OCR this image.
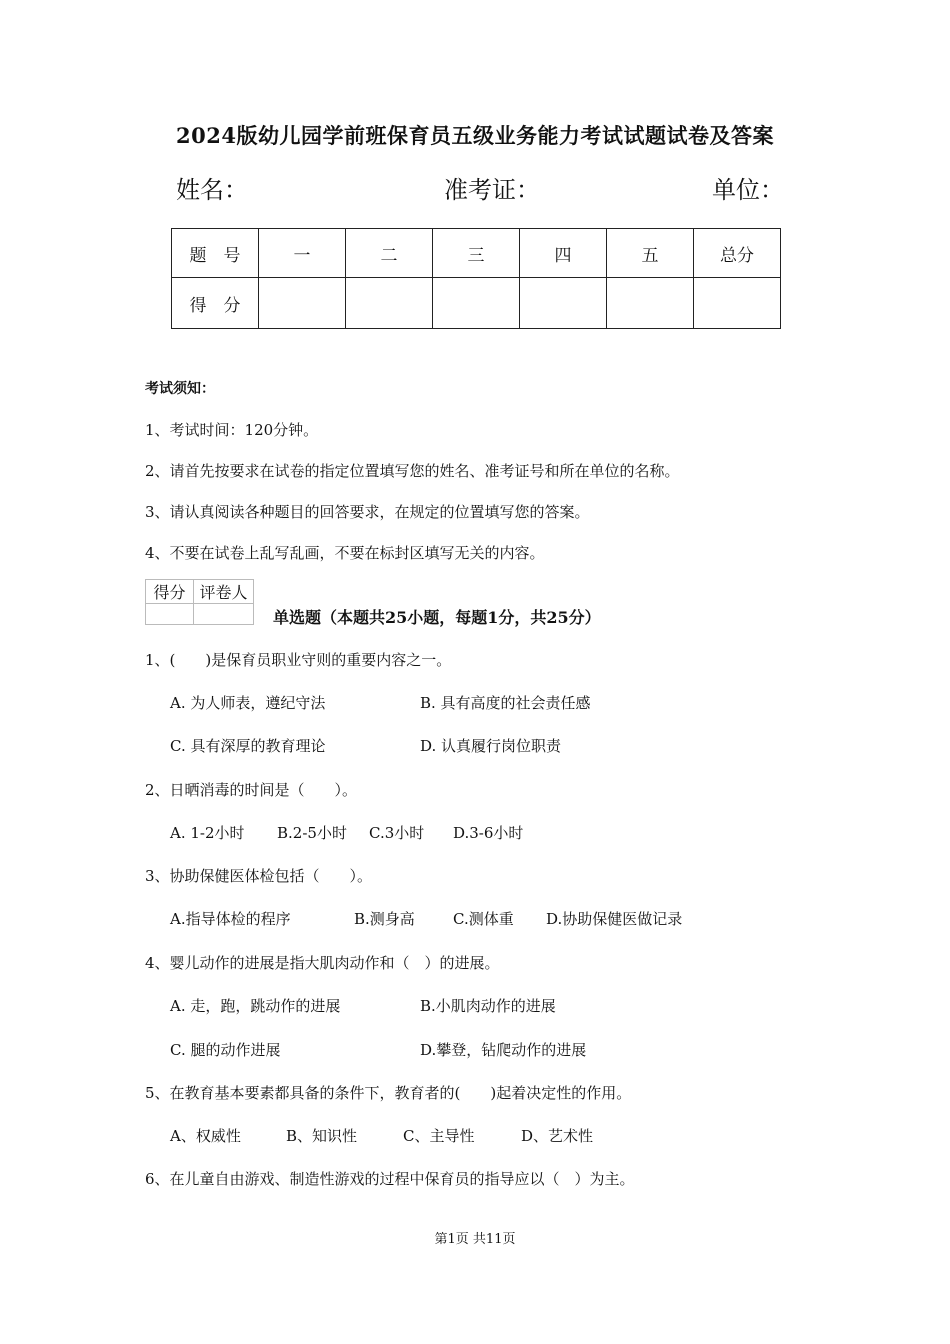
2024版幼儿园学前班保育员五级业务能力考试试题试卷及答案
姓名：	准考证：	单位：
题　号	一	二	三	四	五	总分
得　分						
考试须知：
1、考试时间：120分钟。
2、请首先按要求在试卷的指定位置填写您的姓名、准考证号和所在单位的名称。
3、请认真阅读各种题目的回答要求，在规定的位置填写您的答案。
4、不要在试卷上乱写乱画，不要在标封区填写无关的内容。
得分	评卷人

单选题（本题共25小题，每题1分，共25分）
1、(　　)是保育员职业守则的重要内容之一。
A. 为人师表，遵纪守法	B. 具有高度的社会责任感
C. 具有深厚的教育理论	D. 认真履行岗位职责
2、日晒消毒的时间是（　　）。
A. 1-2小时 B.2-5小时 C.3小时 D.3-6小时
3、协助保健医体检包括（　　）。
A.指导体检的程序	B.测身高	C.测体重 D.协助保健医做记录
4、婴儿动作的进展是指大肌肉动作和（　）的进展。
A. 走，跑，跳动作的进展	B.小肌肉动作的进展
C. 腿的动作进展	D.攀登，钻爬动作的进展
5、在教育基本要素都具备的条件下，教育者的(　　)起着决定性的作用。
A、权威性	B、知识性	C、主导性	D、艺术性
6、在儿童自由游戏、制造性游戏的过程中保育员的指导应以（　）为主。
第1页 共11页
